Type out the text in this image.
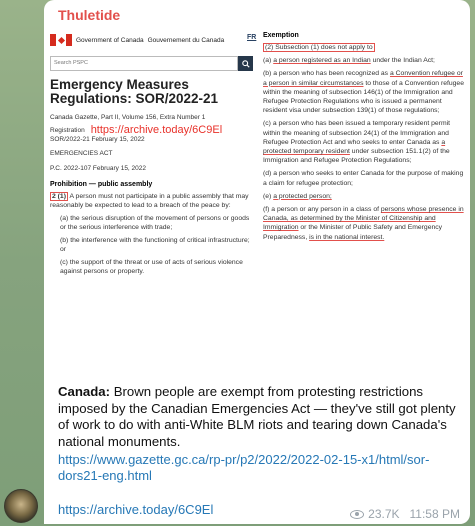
Thuletide
Government of Canada Gouvernement du Canada
Search PSPC
Emergency Measures Regulations: SOR/2022-21
Canada Gazette, Part II, Volume 156, Extra Number 1
Registration https://archive.today/6C9El
SOR/2022-21 February 15, 2022
EMERGENCIES ACT
P.C. 2022-107 February 15, 2022
Prohibition — public assembly
2 (1) A person must not participate in a public assembly that may reasonably be expected to lead to a breach of the peace by:
(a) the serious disruption of the movement of persons or goods or the serious interference with trade;
(b) the interference with the functioning of critical infrastructure; or
(c) the support of the threat or use of acts of serious violence against persons or property.
FR Exemption
(2) Subsection (1) does not apply to
(a) a person registered as an Indian under the Indian Act;
(b) a person who has been recognized as a Convention refugee or a person in similar circumstances to those of a Convention refugee within the meaning of subsection 146(1) of the Immigration and Refugee Protection Regulations who is issued a permanent resident visa under subsection 139(1) of those regulations;
(c) a person who has been issued a temporary resident permit within the meaning of subsection 24(1) of the Immigration and Refugee Protection Act and who seeks to enter Canada as a protected temporary resident under subsection 151.1(2) of the Immigration and Refugee Protection Regulations;
(d) a person who seeks to enter Canada for the purpose of making a claim for refugee protection;
(e) a protected person;
(f) a person or any person in a class of persons whose presence in Canada, as determined by the Minister of Citizenship and Immigration or the Minister of Public Safety and Emergency Preparedness, is in the national interest.
Canada: Brown people are exempt from protesting restrictions imposed by the Canadian Emergencies Act — they've still got plenty of work to do with anti-White BLM riots and tearing down Canada's national monuments.
https://www.gazette.gc.ca/rp-pr/p2/2022/2022-02-15-x1/html/sor-dors21-eng.html
https://archive.today/6C9El	23.7K 11:58 PM
